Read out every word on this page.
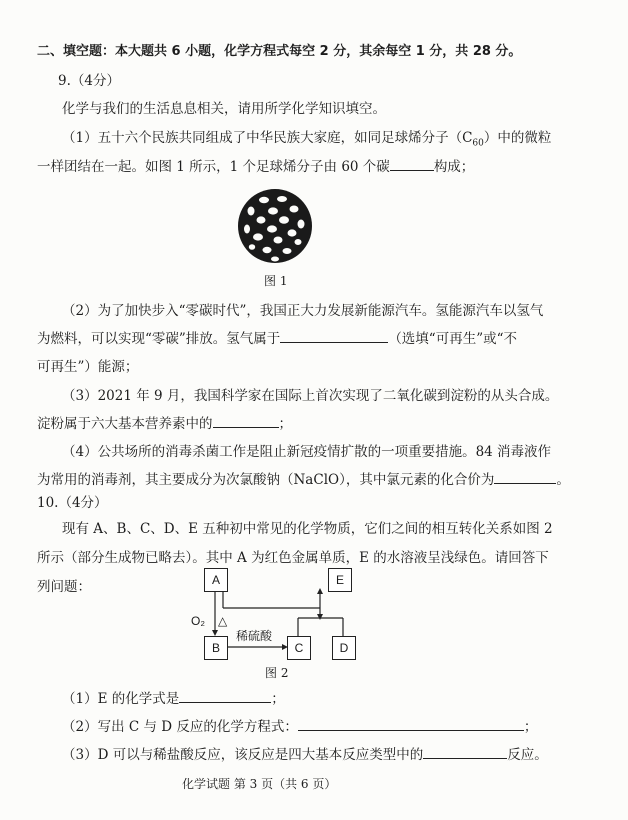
二、填空题：本大题共 6 小题，化学方程式每空 2 分，其余每空 1 分，共 28 分。
9.（4分）
化学与我们的生活息息相关，请用所学化学知识填空。
（1）五十六个民族共同组成了中华民族大家庭，如同足球烯分子$(C_{60})$中的微粒
一样团结在一起。如图 1 所示，1 个足球烯分子由 60 个碳	构成；
图 1
（2）为了加快步入“零碳时代”，我国正大力发展新能源汽车。氢能源汽车以氢气
为燃料，可以实现“零碳”排放。氢气属于	（选填“可再生”或“不
可再生”）能源；
（3）2021 年 9 月，我国科学家在国际上首次实现了二氧化碳到淀粉的从头合成。
淀粉属于六大基本营养素中的	；
（4）公共场所的消毒杀菌工作是阻止新冠疫情扩散的一项重要措施。84 消毒液作
为常用的消毒剂，其主要成分为次氯酸钠（NaClO），其中氯元素的化合价为	。
10.（4分）
现有 A、B、C、D、E 五种初中常见的化学物质，它们之间的相互转化关系如图 2
所示（部分生成物已略去）。其中 A 为红色金属单质，E 的水溶液呈浅绿色。请回答下
列问题：	A	E
B	C	D
O₂ △
稀硫酸
图 2
（1）E 的化学式是	；
（2）写出 C 与 D 反应的化学方程式：	；
（3）D 可以与稀盐酸反应，该反应是四大基本反应类型中的	反应。
化学试题 第 3 页（共 6 页）
